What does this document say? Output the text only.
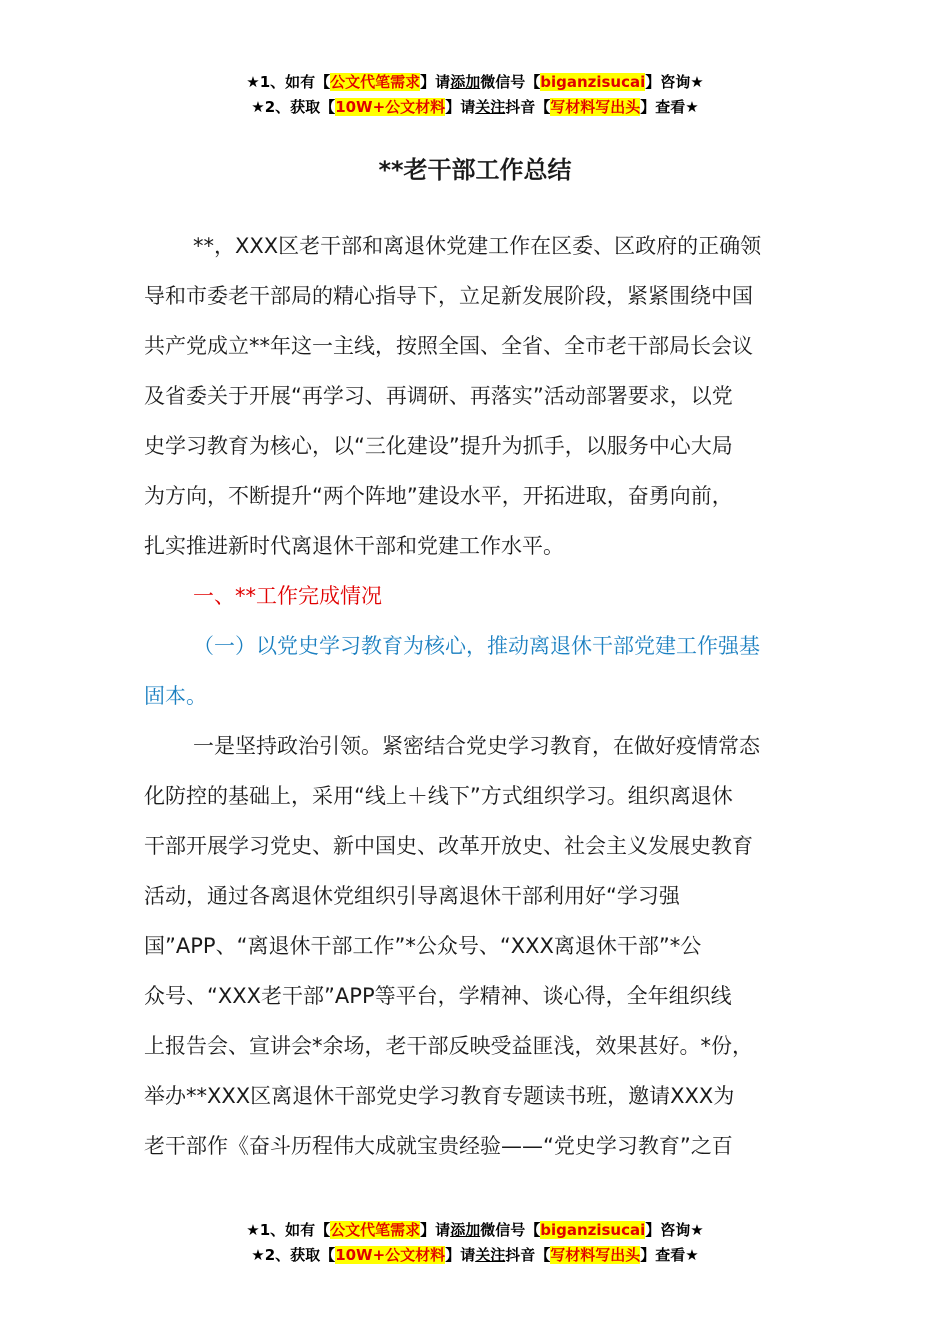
★1、如有【公文代笔需求】请添加微信号【biganzisucai】咨询★
★2、获取【10W+公文材料】请关注抖音【写材料写出头】查看★
**老干部工作总结
**，XXX区老干部和离退休党建工作在区委、区政府的正确领
导和市委老干部局的精心指导下，立足新发展阶段，紧紧围绕中国
共产党成立**年这一主线，按照全国、全省、全市老干部局长会议
及省委关于开展“再学习、再调研、再落实”活动部署要求，以党
史学习教育为核心，以“三化建设”提升为抓手，以服务中心大局
为方向，不断提升“两个阵地”建设水平，开拓进取，奋勇向前，
扎实推进新时代离退休干部和党建工作水平。
一、**工作完成情况
（一）以党史学习教育为核心，推动离退休干部党建工作强基
固本。
一是坚持政治引领。紧密结合党史学习教育，在做好疫情常态
化防控的基础上，采用“线上＋线下”方式组织学习。组织离退休
干部开展学习党史、新中国史、改革开放史、社会主义发展史教育
活动，通过各离退休党组织引导离退休干部利用好“学习强
国”APP、“离退休干部工作”*公众号、“XXX离退休干部”*公
众号、“XXX老干部”APP等平台，学精神、谈心得，全年组织线
上报告会、宣讲会*余场，老干部反映受益匪浅，效果甚好。*份，
举办**XXX区离退休干部党史学习教育专题读书班，邀请XXX为
老干部作《奋斗历程伟大成就宝贵经验——“党史学习教育”之百
★1、如有【公文代笔需求】请添加微信号【biganzisucai】咨询★
★2、获取【10W+公文材料】请关注抖音【写材料写出头】查看★
